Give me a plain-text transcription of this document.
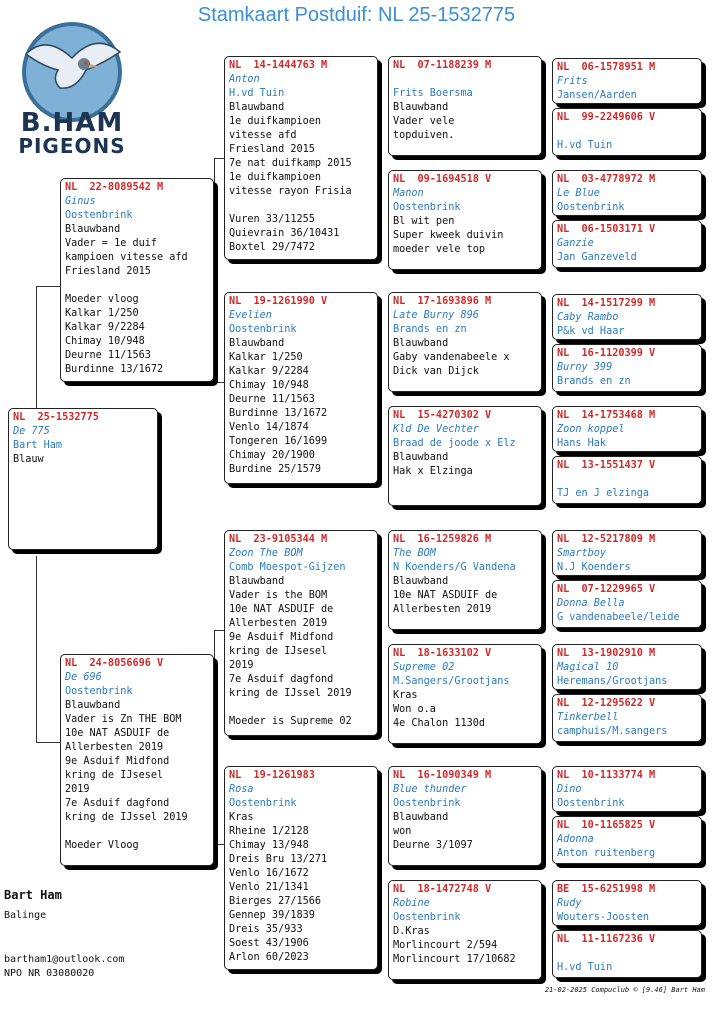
Stamkaart Postduif: NL 25-1532775
B.HAM
PIGEONS
NL  25-1532775
De 775
Bart Ham
Blauw
NL  22-8089542 M
Ginus
Oostenbrink
Blauwband
Vader = 1e duif
kampioen vitesse afd
Friesland 2015

Moeder vloog
Kalkar 1/250
Kalkar 9/2284
Chimay 10/948
Deurne 11/1563
Burdinne 13/1672
NL  24-8056696 V
De 696
Oostenbrink
Blauwband
Vader is Zn THE BOM
10e NAT ASDUIF de
Allerbesten 2019
9e Asduif Midfond
kring de IJsesel
2019
7e Asduif dagfond
kring de IJssel 2019

Moeder Vloog
NL  14-1444763 M
Anton
H.vd Tuin
Blauwband
1e duifkampioen
vitesse afd
Friesland 2015
7e nat duifkamp 2015
1e duifkampioen
vitesse rayon Frisia

Vuren 33/11255
Quievrain 36/10431
Boxtel 29/7472
NL  19-1261990 V
Evelien
Oostenbrink
Blauwband
Kalkar 1/250
Kalkar 9/2284
Chimay 10/948
Deurne 11/1563
Burdinne 13/1672
Venlo 14/1874
Tongeren 16/1699
Chimay 20/1900
Burdine 25/1579
NL  23-9105344 M
Zoon The BOM
Comb Moespot-Gijzen
Blauwband
Vader is the BOM
10e NAT ASDUIF de
Allerbesten 2019
9e Asduif Midfond
kring de IJsesel
2019
7e Asduif dagfond
kring de IJssel 2019

Moeder is Supreme 02
NL  19-1261983
Rosa
Oostenbrink
Kras
Rheine 1/2128
Chimay 13/948
Dreis Bru 13/271
Venlo 16/1672
Venlo 21/1341
Bierges 27/1566
Gennep 39/1839
Dreis 35/933
Soest 43/1906
Arlon 60/2023
NL  07-1188239 M

Frits Boersma
Blauwband
Vader vele
topduiven.
NL  09-1694518 V
Manon
Oostenbrink
Bl wit pen
Super kweek duivin
moeder vele top
NL  17-1693896 M
Late Burny 896
Brands en zn
Blauwband
Gaby vandenabeele x
Dick van Dijck
NL  15-4270302 V
Kld De Vechter
Braad de joode x Elz
Blauwband
Hak x Elzinga
NL  16-1259826 M
The BOM
N Koenders/G Vandena
Blauwband
10e NAT ASDUIF de
Allerbesten 2019
NL  18-1633102 V
Supreme 02
M.Sangers/Grootjans
Kras
Won o.a
4e Chalon 1130d
NL  16-1090349 M
Blue thunder
Oostenbrink
Blauwband
won
Deurne 3/1097
NL  18-1472748 V
Robine
Oostenbrink
D.Kras
Morlincourt 2/594
Morlincourt 17/10682
NL  06-1578951 M
Frits
Jansen/Aarden
NL  99-2249606 V

H.vd Tuin
NL  03-4778972 M
Le Blue
Oostenbrink
NL  06-1503171 V
Ganzie
Jan Ganzeveld
NL  14-1517299 M
Caby Rambo
P&k vd Haar
NL  16-1120399 V
Burny 399
Brands en zn
NL  14-1753468 M
Zoon koppel
Hans Hak
NL  13-1551437 V

TJ en J elzinga
NL  12-5217809 M
Smartboy
N.J Koenders
NL  07-1229965 V
Donna Bella
G vandenabeele/leide
NL  13-1902910 M
Magical 10
Heremans/Grootjans
NL  12-1295622 V
Tinkerbell
camphuis/M.sangers
NL  10-1133774 M
Dino
Oostenbrink
NL  10-1165825 V
Adonna
Anton ruitenberg
BE  15-6251998 M
Rudy
Wouters-Joosten
NL  11-1167236 V

H.vd Tuin
Bart Ham
Balinge
bartham1@outlook.com
NPO NR 03080020
21-02-2025 Compuclub © [9.46] Bart Ham
